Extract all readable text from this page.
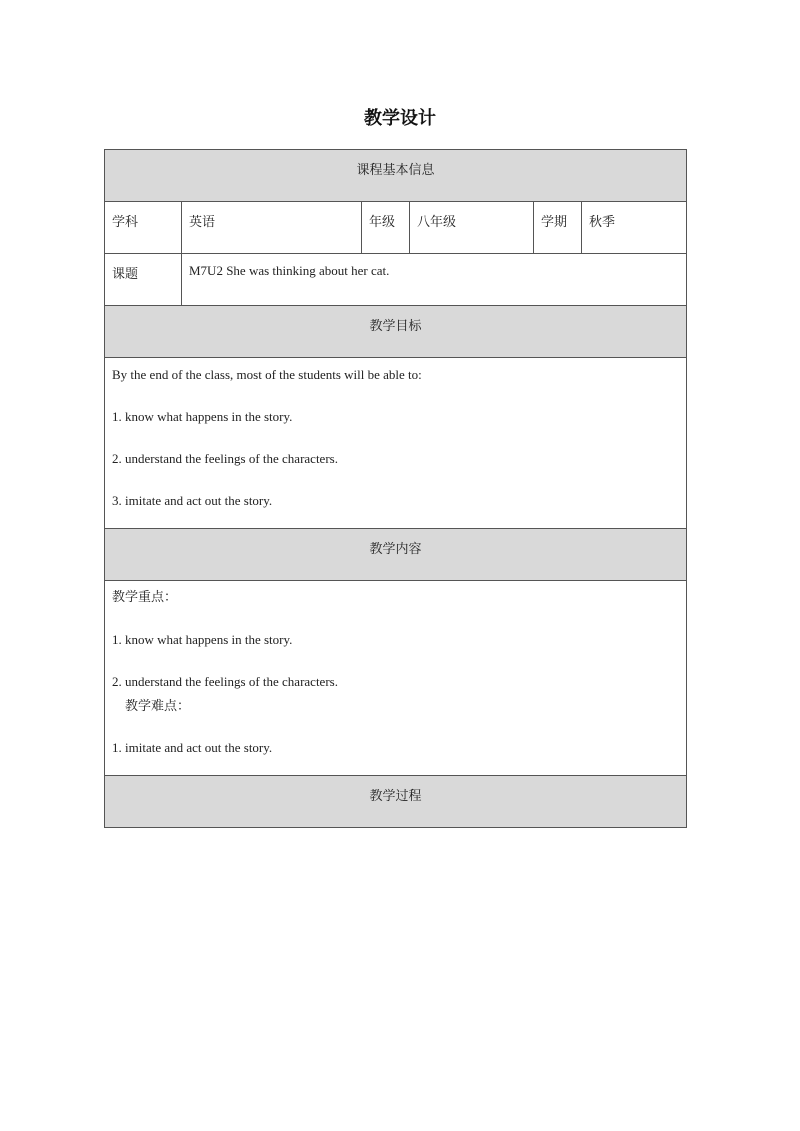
教学设计
课程基本信息					
学科	英语	年级	八年级	学期	秋季
课题	M7U2 She was thinking about her cat.				
教学目标					

By the end of the class, most of the students will be able to:
1. know what happens in the story.
2. understand the feelings of the characters.
3. imitate and act out the story.					

教学内容					

教学重点：
1. know what happens in the story.
2. understand the feelings of the characters.
教学难点：
1. imitate and act out the story.					

教学过程					
